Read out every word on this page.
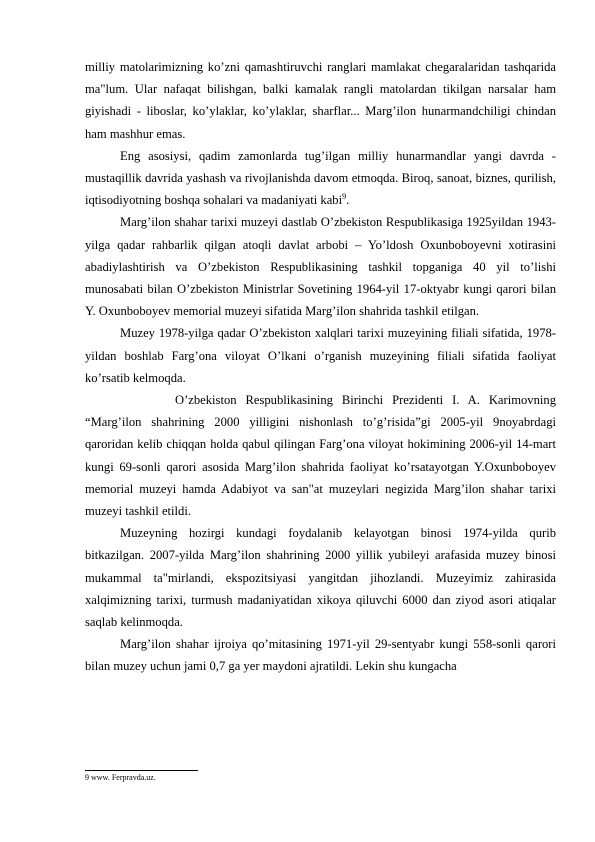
milliy matolarimizning ko’zni qamashtiruvchi ranglari mamlakat chegaralaridan tashqarida ma"lum. Ular nafaqat bilishgan, balki kamalak rangli matolardan tikilgan narsalar ham giyishadi - liboslar, ko’ylaklar, ko’ylaklar, sharflar... Marg’ilon hunarmandchiligi chindan ham mashhur emas.

Eng asosiysi, qadim zamonlarda tug’ilgan milliy hunarmandlar yangi davrda - mustaqillik davrida yashash va rivojlanishda davom etmoqda. Biroq, sanoat, biznes, qurilish, iqtisodiyotning boshqa sohalari va madaniyati kabi$^9$.

Marg’ilon shahar tarixi muzeyi dastlab O’zbekiston Respublikasiga 1925yildan 1943-yilga qadar rahbarlik qilgan atoqli davlat arbobi – Yo’ldosh Oxunboboyevni xotirasini abadiylashtirish va O’zbekiston Respublikasining tashkil topganiga 40 yil to’lishi munosabati bilan O’zbekiston Ministrlar Sovetining 1964-yil 17-oktyabr kungi qarori bilan Y. Oxunboboyev memorial muzeyi sifatida Marg’ilon shahrida tashkil etilgan.

Muzey 1978-yilga qadar O’zbekiston xalqlari tarixi muzeyining filiali sifatida, 1978-yildan boshlab Farg’ona viloyat O’lkani o’rganish muzeyining filiali sifatida faoliyat ko’rsatib kelmoqda.

O’zbekiston Respublikasining Birinchi Prezidenti I. A. Karimovning “Marg’ilon shahrining 2000 yilligini nishonlash to’g’risida”gi 2005-yil 9noyabrdagi qaroridan kelib chiqqan holda qabul qilingan Farg’ona viloyat hokimining 2006-yil 14-mart kungi 69-sonli qarori asosida Marg’ilon shahrida faoliyat ko’rsatayotgan Y.Oxunboboyev memorial muzeyi hamda Adabiyot va san"at muzeylari negizida Marg’ilon shahar tarixi muzeyi tashkil etildi.

Muzeyning hozirgi kundagi foydalanib kelayotgan binosi 1974-yilda qurib bitkazilgan. 2007-yilda Marg’ilon shahrining 2000 yillik yubileyi arafasida muzey binosi mukammal ta"mirlandi, ekspozitsiyasi yangitdan jihozlandi. Muzeyimiz zahirasida xalqimizning tarixi, turmush madaniyatidan xikoya qiluvchi 6000 dan ziyod asori atiqalar saqlab kelinmoqda.

Marg’ilon shahar ijroiya qo’mitasining 1971-yil 29-sentyabr kungi 558-sonli qarori bilan muzey uchun jami 0,7 ga yer maydoni ajratildi. Lekin shu kungacha

9 www. Ferpravda.uz.
